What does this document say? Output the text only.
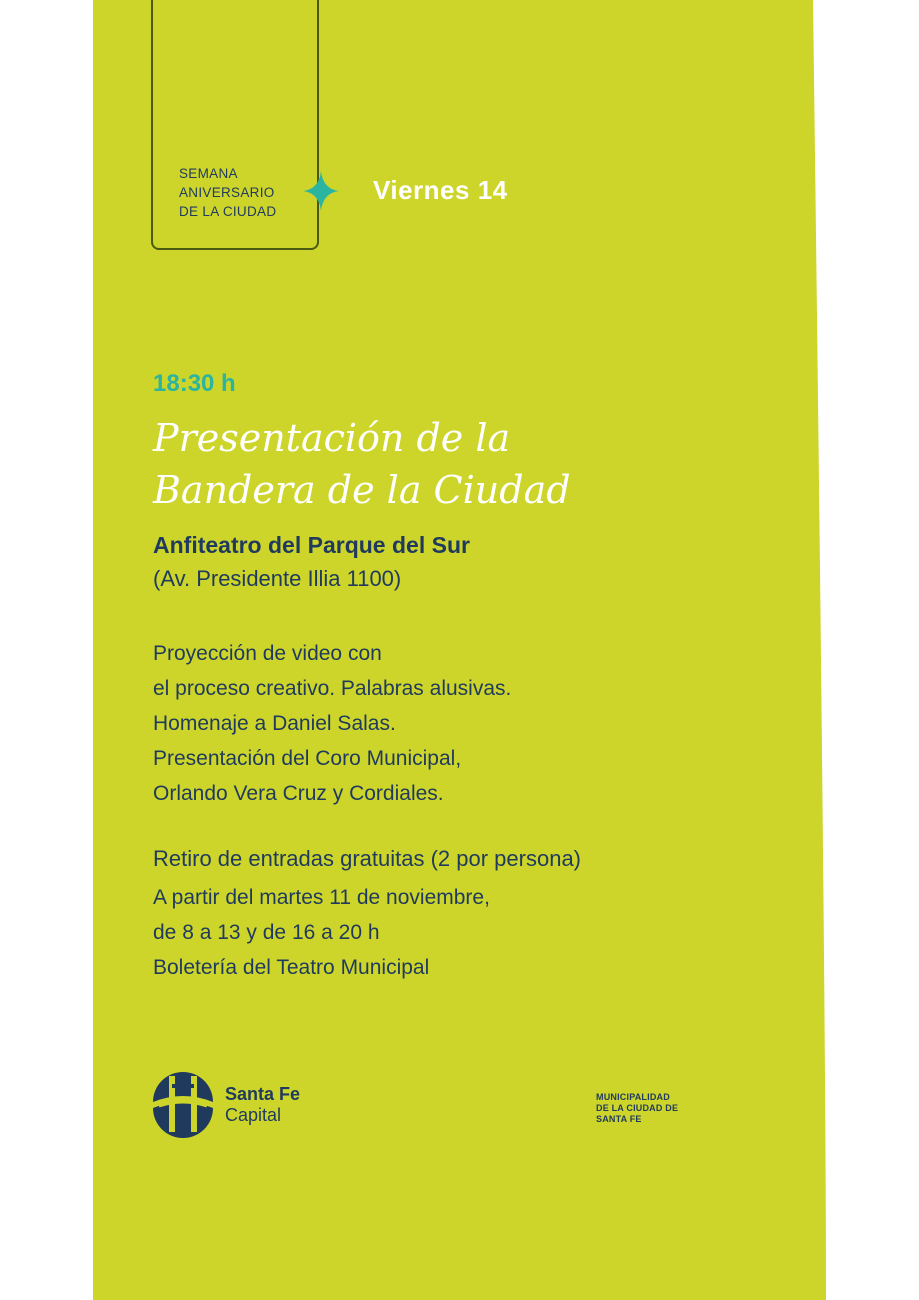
SEMANA
ANIVERSARIO
DE LA CIUDAD
Viernes 14
18:30 h
Presentación de la
Bandera de la Ciudad
Anfiteatro del Parque del Sur
(Av. Presidente Illia 1100)
Proyección de video con
el proceso creativo. Palabras alusivas.
Homenaje a Daniel Salas.
Presentación del Coro Municipal,
Orlando Vera Cruz y Cordiales.
Retiro de entradas gratuitas (2 por persona)
A partir del martes 11 de noviembre,
de 8 a 13 y de 16 a 20 h
Boletería del Teatro Municipal
Santa Fe
Capital
MUNICIPALIDAD
DE LA CIUDAD DE
SANTA FE
